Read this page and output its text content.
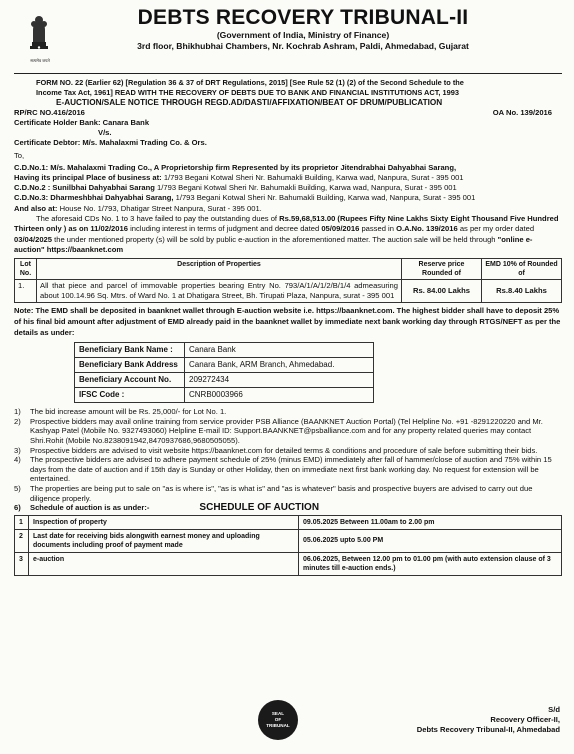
सत्यमेव जयते
DEBTS RECOVERY TRIBUNAL-II
(Government of India, Ministry of Finance)
3rd floor, Bhikhubhai Chambers, Nr. Kochrab Ashram, Paldi, Ahmedabad, Gujarat
FORM NO. 22 (Earlier 62) [Regulation 36 & 37 of DRT Regulations, 2015] [See Rule 52 (1) (2) of the Second Schedule to the
Income Tax Act, 1961] READ WITH THE RECOVERY OF DEBTS DUE TO BANK AND FINANCIAL INSTITUTIONS ACT, 1993
E-AUCTION/SALE NOTICE THROUGH REGD.AD/DASTI/AFFIXATION/BEAT OF DRUM/PUBLICATION
RP/RC NO.416/2016	OA No. 139/2016
Certificate Holder Bank: Canara Bank
V/s.
Certificate Debtor: M/s. Mahalaxmi Trading Co. & Ors.
To,
C.D.No.1: M/s. Mahalaxmi Trading Co., A Proprietorship firm Represented by its proprietor Jitendrabhai Dahyabhai Sarang,
Having its principal Place of business at: 1/793 Begani Kotwal Sheri Nr. Bahumakli Building, Karwa wad, Nanpura, Surat - 395 001
C.D.No.2 : Sunilbhai Dahyabhai Sarang 1/793 Begani Kotwal Sheri Nr. Bahumakli Building, Karwa wad, Nanpura, Surat - 395 001
C.D.No.3: Dharmeshbhai Dahyabhai Sarang, 1/793 Begani Kotwal Sheri Nr. Bahumakli Building, Karwa wad, Nanpura, Surat - 395 001
And also at: House No. 1/793, Dhatigar Street Nanpura, Surat - 395 001.

The aforesaid CDs No. 1 to 3 have failed to pay the outstanding dues of Rs.59,68,513.00 (Rupees Fifty Nine Lakhs Sixty Eight Thousand Five Hundred Thirteen only ) as on 11/02/2016 including interest in terms of judgment and decree dated 05/09/2016 passed in O.A.No. 139/2016 as per my order dated 03/04/2025 the under mentioned property (s) will be sold by public e-auction in the aforementioned matter. The auction sale will be held through "online e- auction" https://baanknet.com

Lot No.	Description of Properties	Reserve price Rounded of	EMD 10% of Rounded of
1.	All that piece and parcel of immovable properties bearing Entry No. 793/A/1/A/1/2/B/1/4 admeasuring about 100.14.96 Sq. Mtrs. of Ward No. 1 at Dhatigara Street, Bh. Tirupati Plaza, Nanpura, surat - 395 001	Rs. 84.00 Lakhs	Rs.8.40 Lakhs

Note: The EMD shall be deposited in baanknet wallet through E-auction website i.e. https://baanknet.com. The highest bidder shall have to deposit 25% of his final bid amount after adjustment of EMD already paid in the baanknet wallet by immediate next bank working day through RTGS/NEFT as per the details as under:

Beneficiary Bank Name :	Canara Bank
Beneficiary Bank Address	Canara Bank, ARM Branch, Ahmedabad.
Beneficiary Account No.	209272434
IFSC Code :	CNRB0003966
1)	The bid increase amount will be Rs. 25,000/- for Lot No. 1.
2)	Prospective bidders may avail online training from service provider PSB Alliance (BAANKNET Auction Portal) (Tel Helpline No. +91 -8291220220 and Mr. Kashyap Patel (Mobile No. 9327493060) Helpline E-mail ID: Support.BAANKNET@psballiance.com and for any property related queries may contact Shri.Rohit (Mobile No.8238091942,8470937686,9680505055).
3)	Prospective bidders are advised to visit website https://baanknet.com for detailed terms & conditions and procedure of sale before submitting their bids.
4)	The prospective bidders are advised to adhere payment schedule of 25% (minus EMD) immediately after fall of hammer/close of auction and 75% within 15 days from the date of auction and if 15th day is Sunday or other Holiday, then on immediate next first bank working day. No request for extension will be entertained.
5)	The properties are being put to sale on "as is where is", "as is what is" and "as is whatever" basis and prospective buyers are advised to carry out due diligence properly.
6)	Schedule of auction is as under:-	SCHEDULE OF AUCTION
1	Inspection of property	09.05.2025 Between 11.00am to 2.00 pm
2	Last date for receiving bids alongwith earnest money and uploading documents including proof of payment made	05.06.2025 upto 5.00 PM
3	e-auction	06.06.2025, Between 12.00 pm to 01.00 pm (with auto extension clause of 3 minutes till e-auction ends.)
SEAL
OF
TRIBUNAL
S/d
Recovery Officer-II,
Debts Recovery Tribunal-II, Ahmedabad
